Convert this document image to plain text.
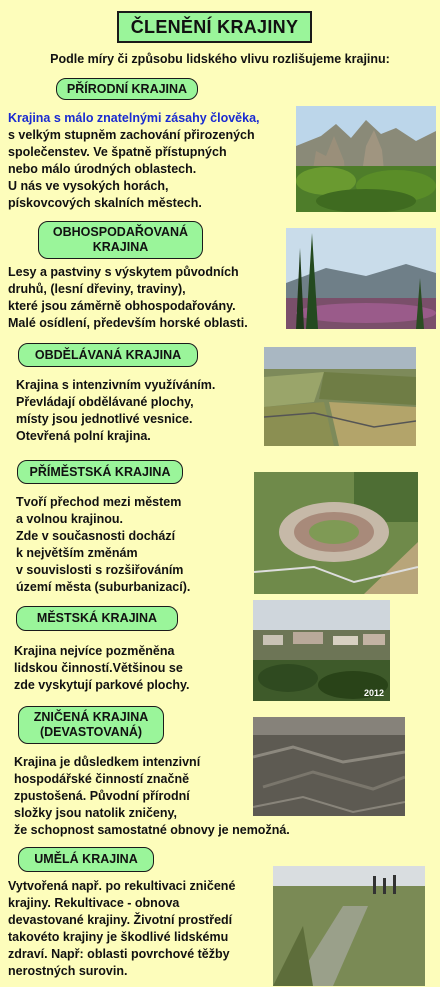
ČLENĚNÍ KRAJINY
Podle míry či způsobu lidského vlivu rozlišujeme krajinu:
PŘÍRODNÍ KRAJINA
Krajina s málo znatelnými zásahy člověka,
s velkým stupněm zachování přirozených
společenstev. Ve špatně přístupných
nebo málo úrodných oblastech.
U nás ve vysokých horách,
pískovcových skalních městech.
OBHOSPODAŘOVANÁ KRAJINA
Lesy a pastviny s výskytem původních
druhů, (lesní dřeviny, traviny),
které jsou záměrně obhospodařovány.
Malé osídlení, především horské oblasti.
OBDĚLÁVANÁ KRAJINA
Krajina s intenzivním využíváním.
Převládají obdělávané plochy,
místy jsou jednotlivé vesnice.
Otevřená polní krajina.
PŘÍMĚSTSKÁ KRAJINA
Tvoří přechod mezi městem
a volnou krajinou.
Zde v současnosti dochází
k největším změnám
v souvislosti s rozšiřováním
území města (suburbanizací).
MĚSTSKÁ KRAJINA
Krajina nejvíce pozměněna
lidskou činností.Většinou se
zde vyskytují parkové plochy.
2012
ZNIČENÁ KRAJINA (DEVASTOVANÁ)
Krajina je důsledkem intenzivní
hospodářské činností značně
zpustošená. Původní přírodní
složky jsou natolik zničeny,
že schopnost samostatné obnovy je nemožná.
UMĚLÁ KRAJINA
Vytvořená např. po rekultivaci zničené
krajiny. Rekultivace - obnova
devastované krajiny. Životní prostředí
takovéto krajiny je škodlivé lidskému
zdraví. Např: oblasti povrchové těžby
nerostných surovin.
